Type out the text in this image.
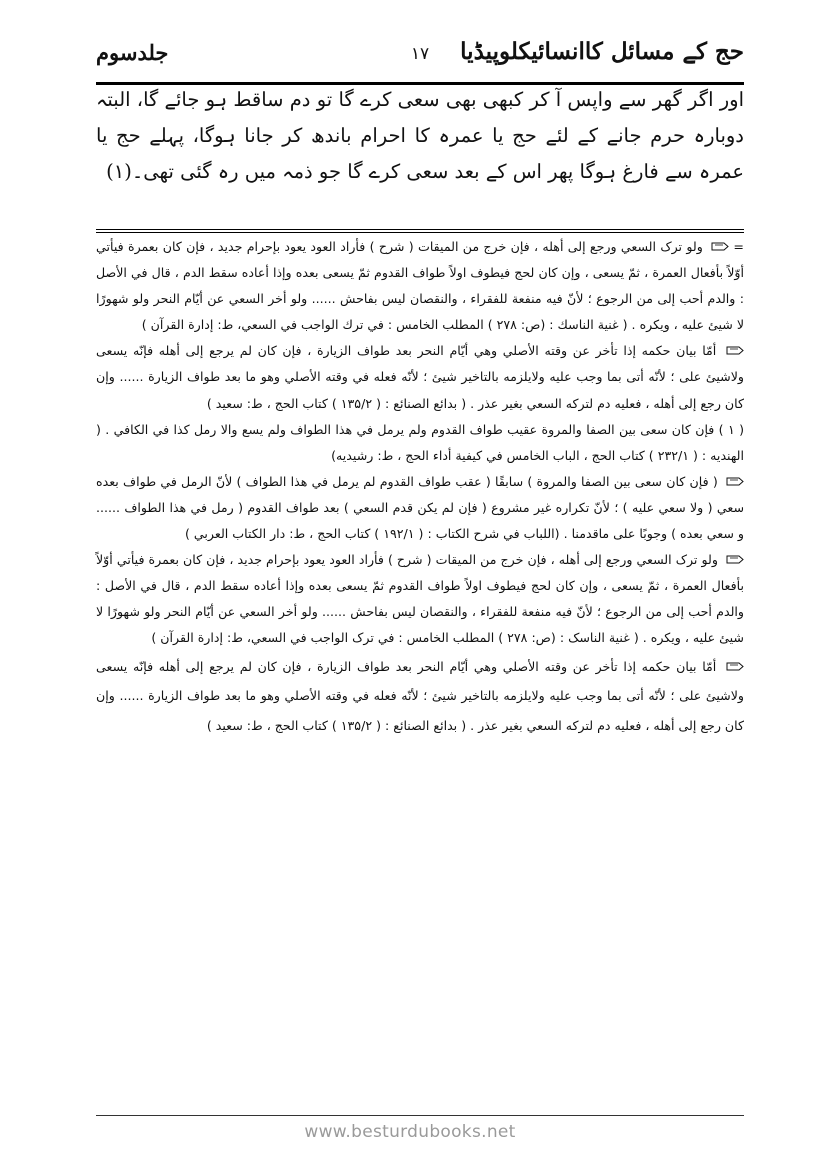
حج کے مسائل کاانسائیکلوپیڈیا
۱۷
جلدسوم
اور اگر گھر سے واپس آ کر کبھی بھی سعی کرے گا تو دم ساقط ہو جائے گا، البتہ دوبارہ حرم جانے کے لئے حج یا عمرہ کا احرام باندھ کر جانا ہوگا، پہلے حج یا عمرہ سے فارغ ہوگا پھر اس کے بعد سعی کرے گا جو ذمہ میں رہ گئی تھی۔(۱)

=
ولو ترک السعي ورجع إلى أهله ، فإن خرج من الميقات ( شرح ) فأراد العود يعود بإحرام جديد ، فإن كان بعمرة فيأتي أوّلاً بأفعال العمرة ، ثمّ يسعى ، وإن كان لحج فيطوف اولاً طواف القدوم ثمّ يسعى بعده وإذا أعاده سقط الدم ، قال في الأصل : والدم أحب إلى من الرجوع ؛ لأنّ فيه منفعة للفقراء ، والنقصان ليس بفاحش ...... ولو أخر السعي عن أيّام النحر ولو شهورًا لا شيئ عليه ، ويكره . ( غنية الناسك : (ص: ۲۷۸ ) المطلب الخامس : في ترك الواجب في السعي، ط: إدارة القرآن )

أمّا بيان حكمه إذا تأخر عن وقته الأصلي وهي أيّام النحر بعد طواف الزيارة ، فإن كان لم يرجع إلى أهله فإنّه يسعى ولاشيئ على ؛ لأنّه أتى بما وجب عليه ولايلزمه بالتاخير شيئ ؛ لأنّه فعله في وقته الأصلي وهو ما بعد طواف الزيارة ...... وإن كان رجع إلى أهله ، فعليه دم لتركه السعي بغير عذر . ( بدائع الصنائع : ( ۱۳۵/۲ ) كتاب الحج ، ط: سعيد )

( ۱ ) فإن كان سعى بين الصفا والمروة عقيب طواف القدوم ولم يرمل في هذا الطواف ولم يسع والا رمل كذا في الكافي . ( الهنديه : ( ۲۳۲/۱ ) كتاب الحج ، الباب الخامس في كيفية أداء الحج ، ط: رشيديه)

( فإن كان سعى بين الصفا والمروة ) سابقًا ( عقب طواف القدوم لم يرمل في هذا الطواف ) لأنّ الرمل في طواف بعده سعي ( ولا سعي عليه ) ؛ لأنّ تكراره غير مشروع ( فإن لم يكن قدم السعي ) بعد طواف القدوم ( رمل في هذا الطواف ...... و سعي بعده ) وجوبًا على ماقدمنا . (اللباب في شرح الكتاب : ( ۱۹۲/۱ ) كتاب الحج ، ط: دار الكتاب العربي )

ولو ترک السعي ورجع إلى أهله ، فإن خرج من الميقات ( شرح ) فأراد العود يعود بإحرام جديد ، فإن كان بعمرة فيأتي أوّلاً بأفعال العمرة ، ثمّ يسعى ، وإن كان لحج فيطوف اولاً طواف القدوم ثمّ يسعى بعده وإذا أعاده سقط الدم ، قال في الأصل : والدم أحب إلى من الرجوع ؛ لأنّ فيه منفعة للفقراء ، والنقصان ليس بفاحش ...... ولو أخر السعي عن أيّام النحر ولو شهورًا لا شيئ عليه ، ويكره . ( غنية الناسک : (ص: ۲۷۸ ) المطلب الخامس : في ترک الواجب في السعي، ط: إدارة القرآن )

أمّا بيان حكمه إذا تأخر عن وقته الأصلي وهي أيّام النحر بعد طواف الزيارة ، فإن كان لم يرجع إلى أهله فإنّه يسعى ولاشيئ على ؛ لأنّه أتى بما وجب عليه ولايلزمه بالتاخير شيئ ؛ لأنّه فعله في وقته الأصلي وهو ما بعد طواف الزيارة ...... وإن كان رجع إلى أهله ، فعليه دم لتركه السعي بغير عذر . ( بدائع الصنائع : ( ۱۳۵/۲ ) كتاب الحج ، ط: سعيد )

www.besturdubooks.net
